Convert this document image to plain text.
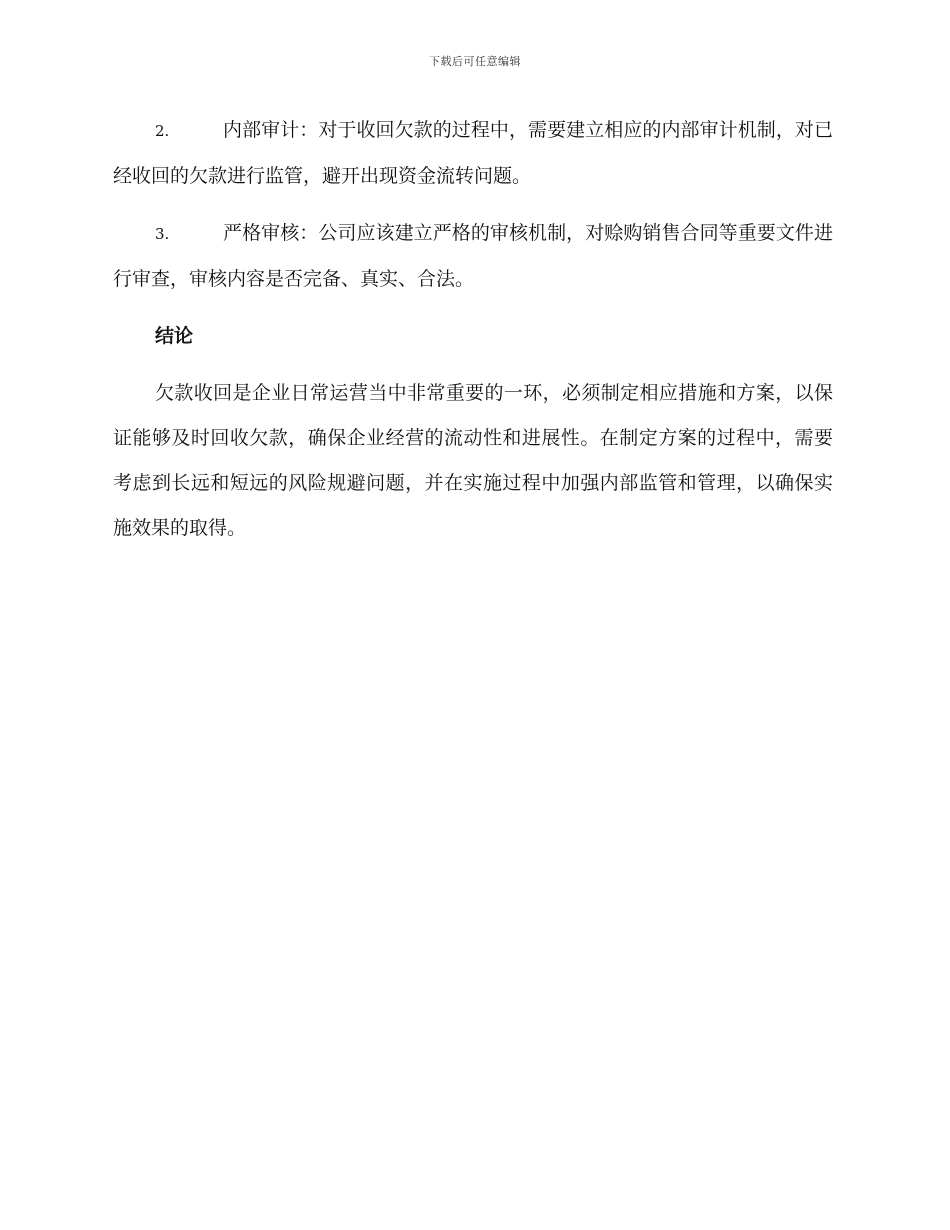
下载后可任意编辑

2.	内部审计：对于收回欠款的过程中，需要建立相应的内部审计机制，对已经收回的欠款进行监管，避开出现资金流转问题。

3.	严格审核：公司应该建立严格的审核机制，对赊购销售合同等重要文件进行审查，审核内容是否完备、真实、合法。

结论

欠款收回是企业日常运营当中非常重要的一环，必须制定相应措施和方案，以保证能够及时回收欠款，确保企业经营的流动性和进展性。在制定方案的过程中，需要考虑到长远和短远的风险规避问题，并在实施过程中加强内部监管和管理，以确保实施效果的取得。
